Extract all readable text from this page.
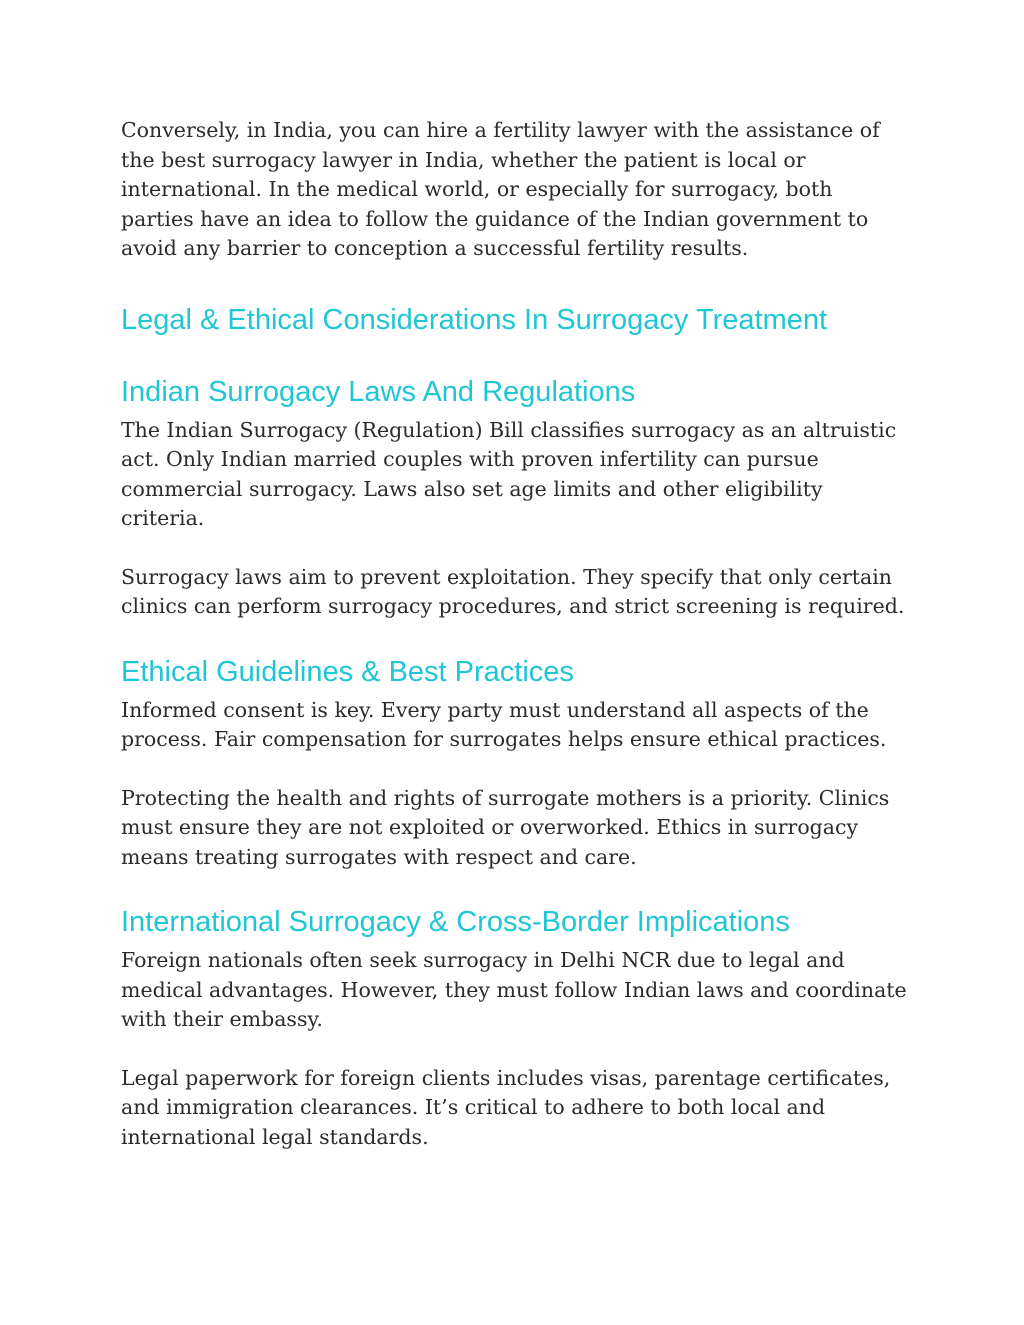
Conversely, in India, you can hire a fertility lawyer with the assistance of the best surrogacy lawyer in India, whether the patient is local or international. In the medical world, or especially for surrogacy, both parties have an idea to follow the guidance of the Indian government to avoid any barrier to conception a successful fertility results.

Legal & Ethical Considerations In Surrogacy Treatment
Indian Surrogacy Laws And Regulations

The Indian Surrogacy (Regulation) Bill classifies surrogacy as an altruistic act. Only Indian married couples with proven infertility can pursue commercial surrogacy. Laws also set age limits and other eligibility criteria.

Surrogacy laws aim to prevent exploitation. They specify that only certain clinics can perform surrogacy procedures, and strict screening is required.

Ethical Guidelines & Best Practices

Informed consent is key. Every party must understand all aspects of the process. Fair compensation for surrogates helps ensure ethical practices.

Protecting the health and rights of surrogate mothers is a priority. Clinics must ensure they are not exploited or overworked. Ethics in surrogacy means treating surrogates with respect and care.

International Surrogacy & Cross-Border Implications

Foreign nationals often seek surrogacy in Delhi NCR due to legal and medical advantages. However, they must follow Indian laws and coordinate with their embassy.

Legal paperwork for foreign clients includes visas, parentage certificates, and immigration clearances. It’s critical to adhere to both local and international legal standards.
